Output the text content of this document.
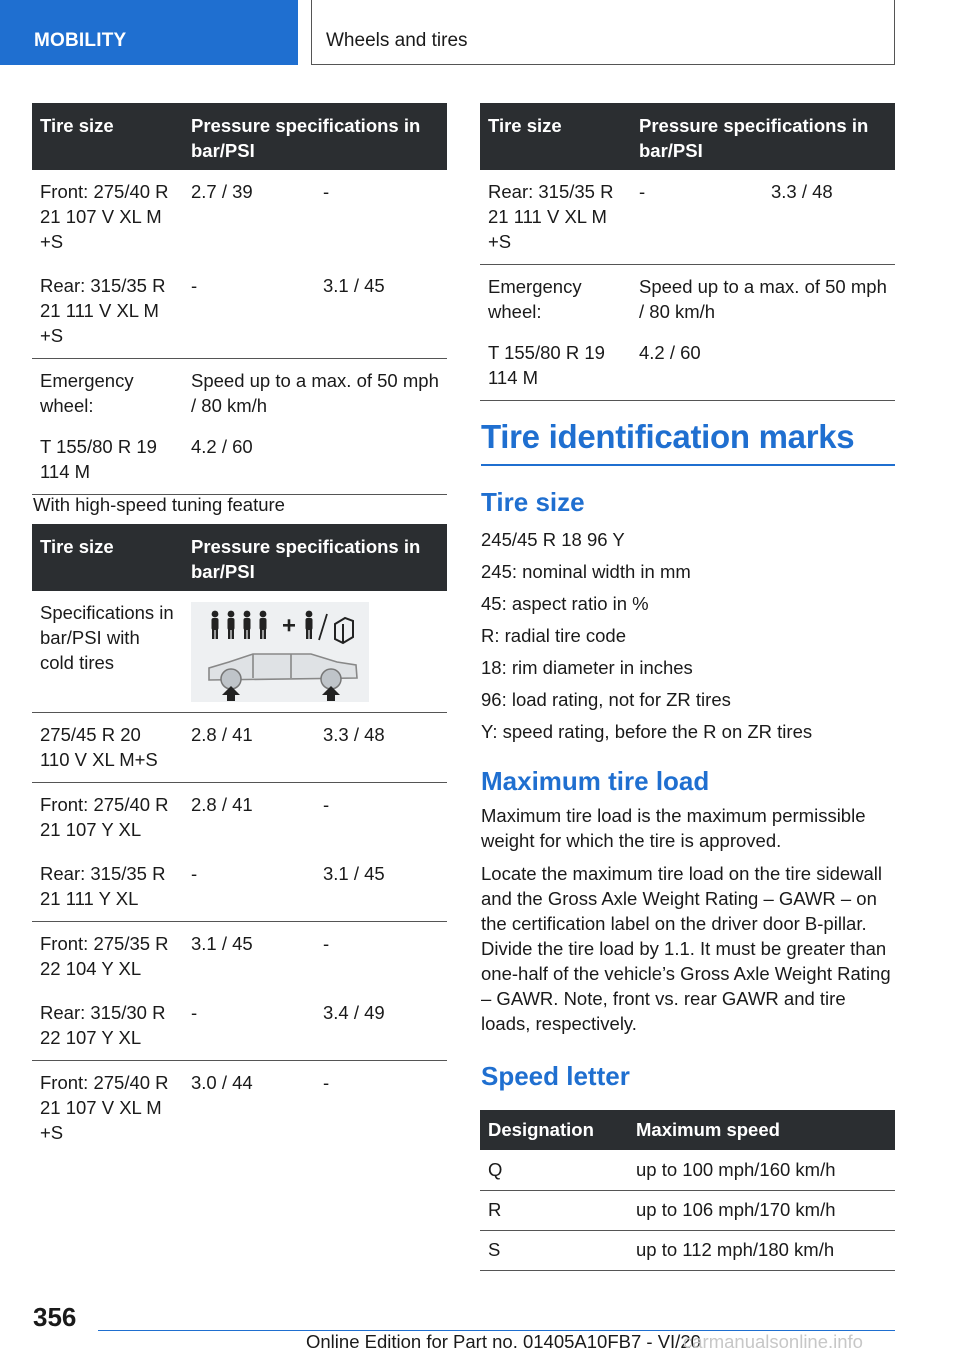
MOBILITY	Wheels and tires
Tire size	Pressure specifications in bar/PSI	
Front: 275/40 R 21 107 V XL M +S	2.7 / 39	-
Rear: 315/35 R 21 111 V XL M +S	-	3.1 / 45
Emergency wheel:	Speed up to a max. of 50 mph / 80 km/h	
T 155/80 R 19 114 M	4.2 / 60	
With high-speed tuning feature
Tire size	Pressure specifications in bar/PSI	
Specifications in bar/PSI with cold tires	

275/45 R 20 110 V XL M+S	2.8 / 41	3.3 / 48
Front: 275/40 R 21 107 Y XL	2.8 / 41	-
Rear: 315/35 R 21 111 Y XL	-	3.1 / 45
Front: 275/35 R 22 104 Y XL	3.1 / 45	-
Rear: 315/30 R 22 107 Y XL	-	3.4 / 49
Front: 275/40 R 21 107 V XL M +S	3.0 / 44	-
Tire size	Pressure specifications in bar/PSI	
Rear: 315/35 R 21 111 V XL M +S	-	3.3 / 48
Emergency wheel:	Speed up to a max. of 50 mph / 80 km/h	
T 155/80 R 19 114 M	4.2 / 60	
Tire identification marks
Tire size
245/45 R 18 96 Y
245: nominal width in mm
45: aspect ratio in %
R: radial tire code
18: rim diameter in inches
96: load rating, not for ZR tires
Y: speed rating, before the R on ZR tires
Maximum tire load
Maximum tire load is the maximum permissible weight for which the tire is approved.
Locate the maximum tire load on the tire sidewall and the Gross Axle Weight Rating – GAWR – on the certification label on the driver door B-pillar. Divide the tire load by 1.1. It must be greater than one-half of the vehicle’s Gross Axle Weight Rating – GAWR. Note, front vs. rear GAWR and tire loads, respectively.
Speed letter
Designation	Maximum speed
Q	up to 100 mph/160 km/h
R	up to 106 mph/170 km/h
S	up to 112 mph/180 km/h
356
Online Edition for Part no. 01405A10FB7 - VI/20
carmanualsonline.info
